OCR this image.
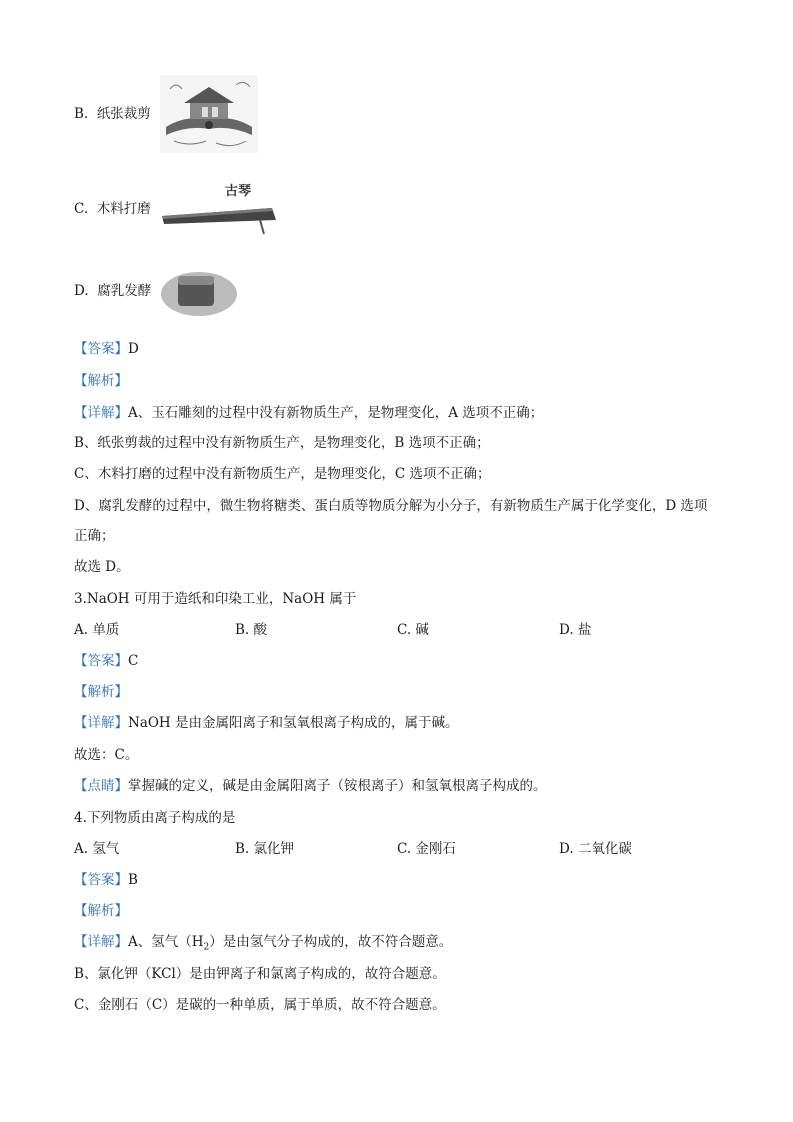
B. 纸张裁剪
C. 木料打磨
古琴
D. 腐乳发酵
【答案】D
【解析】
【详解】A、玉石雕刻的过程中没有新物质生产，是物理变化，A 选项不正确；
B、纸张剪裁的过程中没有新物质生产，是物理变化，B 选项不正确；
C、木料打磨的过程中没有新物质生产，是物理变化，C 选项不正确；
D、腐乳发酵的过程中，微生物将糖类、蛋白质等物质分解为小分子，有新物质生产属于化学变化，D 选项
正确；
故选 D。
3.NaOH 可用于造纸和印染工业，NaOH 属于
A. 单质	B. 酸	C. 碱	D. 盐
【答案】C
【解析】
【详解】NaOH 是由金属阳离子和氢氧根离子构成的，属于碱。
故选：C。
【点睛】掌握碱的定义，碱是由金属阳离子（铵根离子）和氢氧根离子构成的。
4.下列物质由离子构成的是
A. 氢气	B. 氯化钾	C. 金刚石	D. 二氧化碳
【答案】B
【解析】
【详解】A、氢气$(H_2)$是由氢气分子构成的，故不符合题意。
B、氯化钾（KCl）是由钾离子和氯离子构成的，故符合题意。
C、金刚石（C）是碳的一种单质，属于单质，故不符合题意。
